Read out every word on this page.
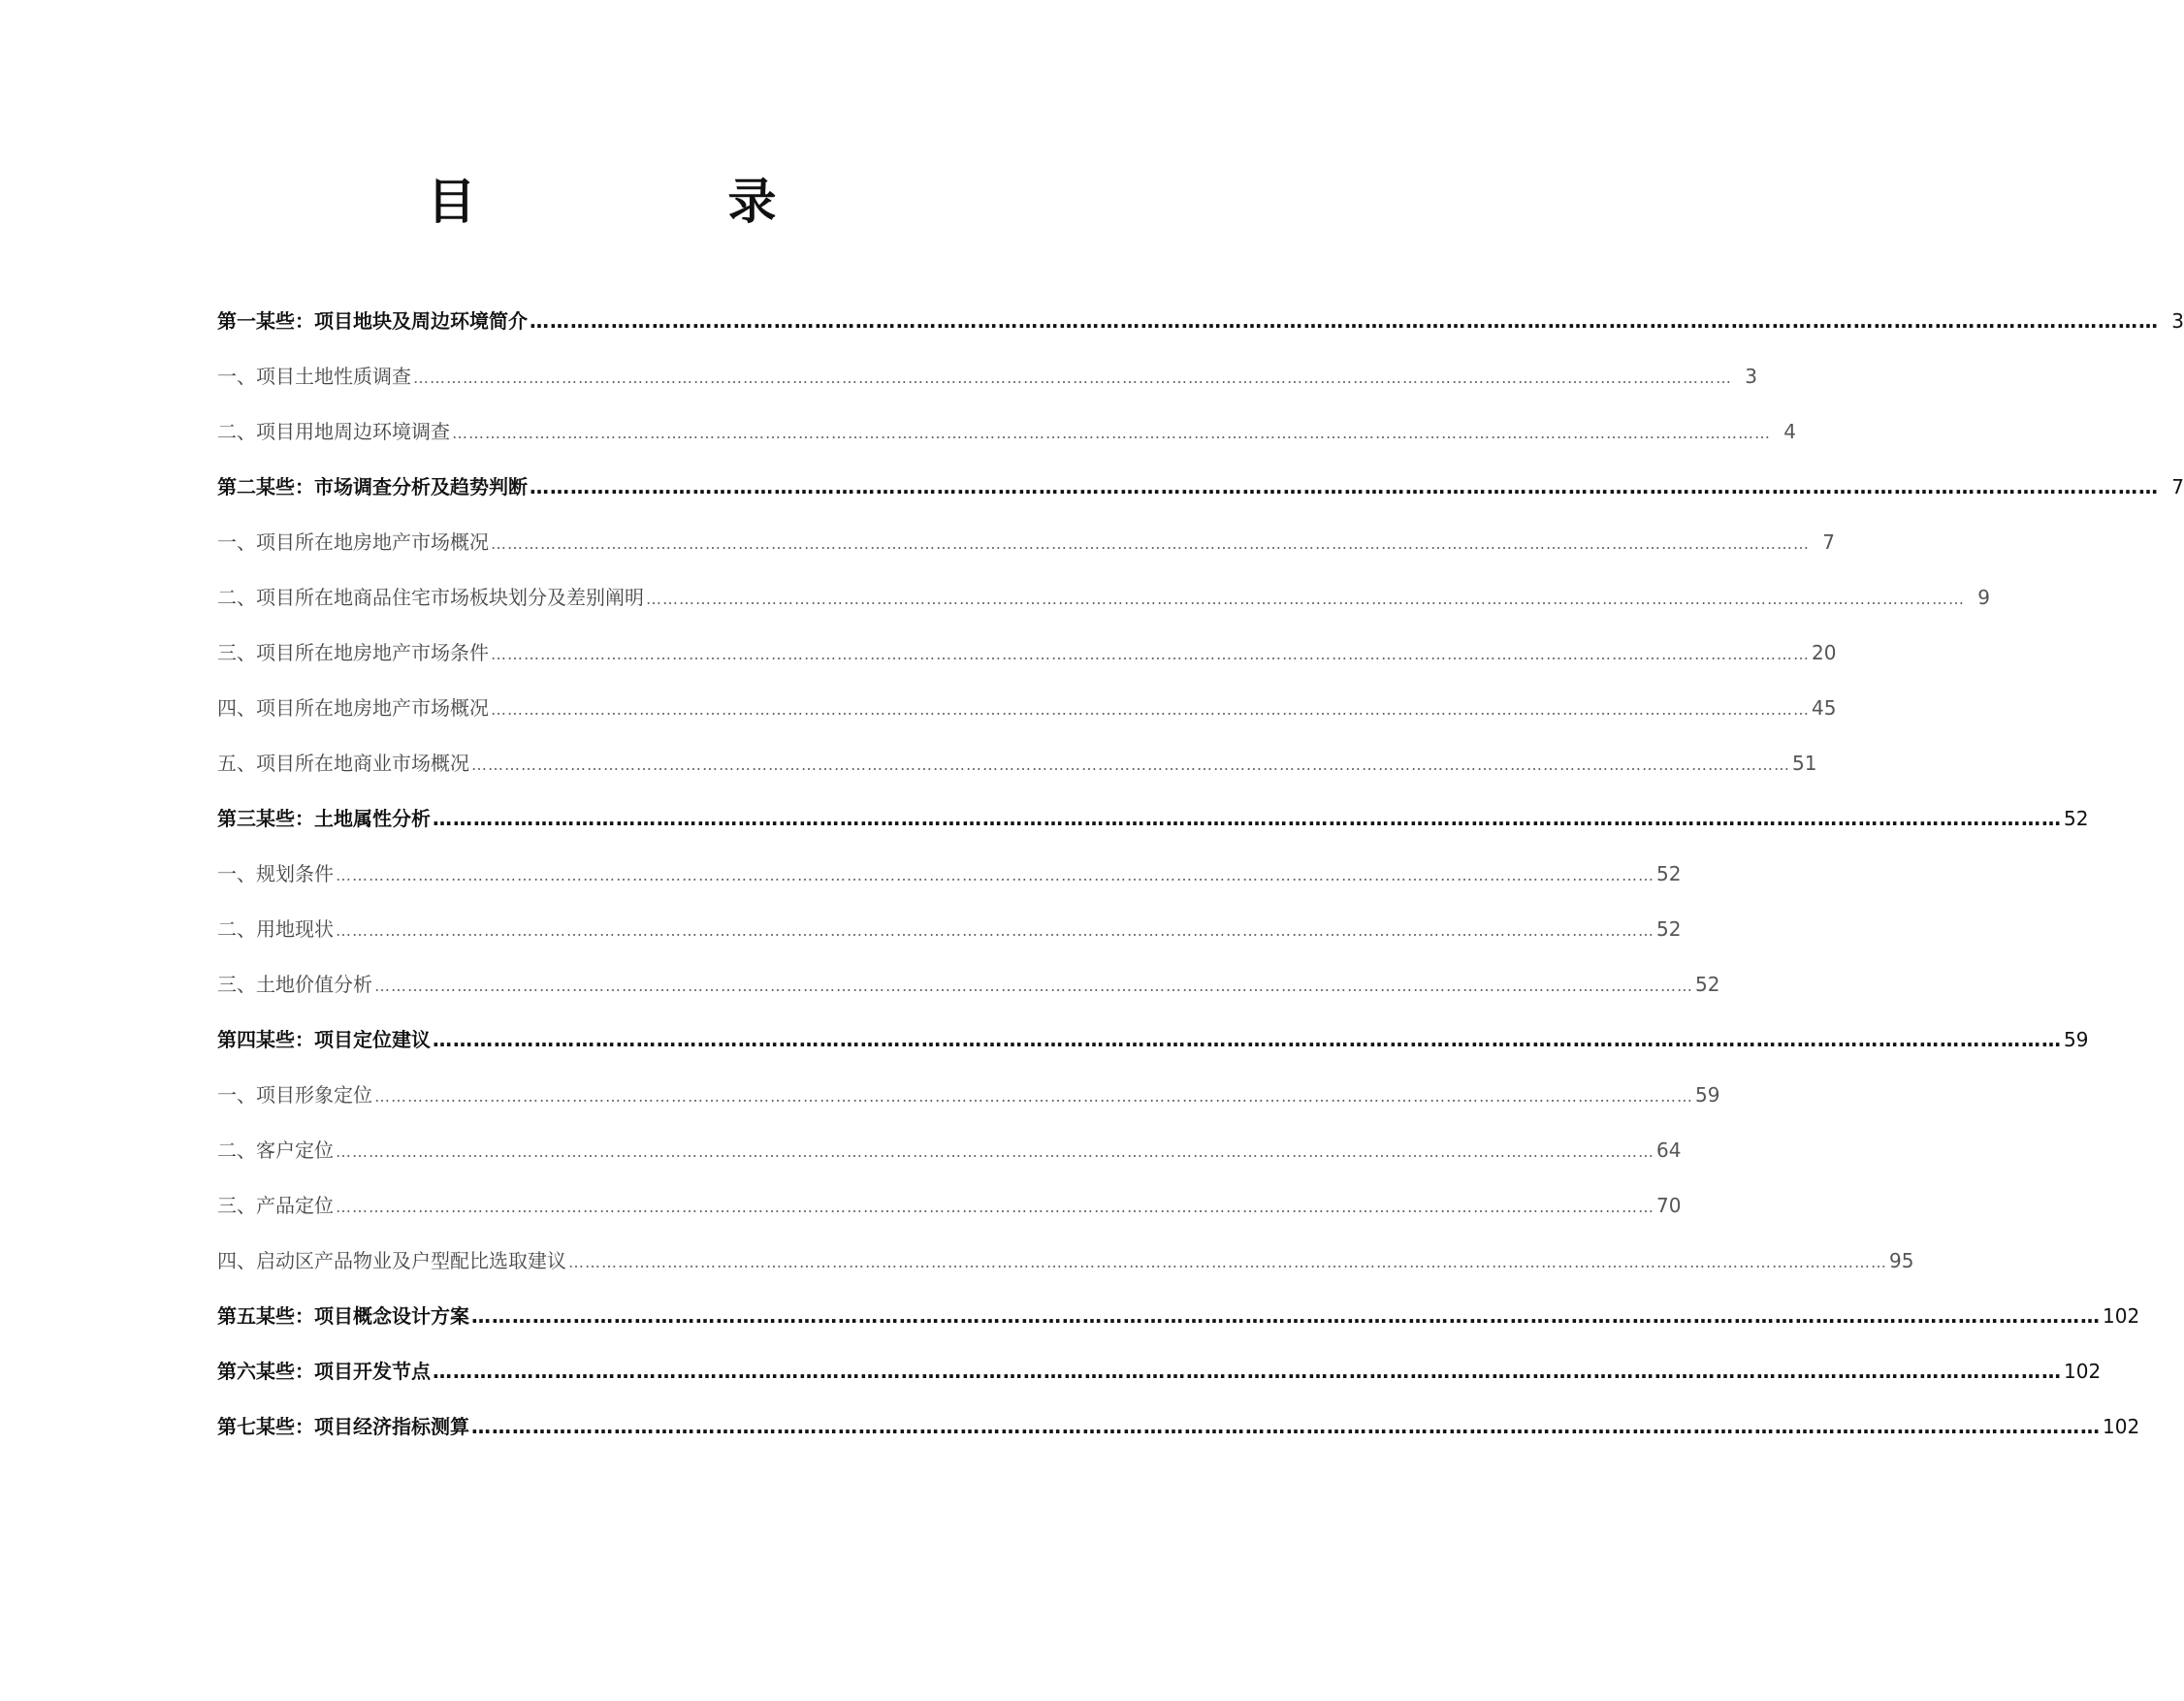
目　录
第一某些：项目地块及周边环境简介 …………………………………………………………………………………………………………………………………………………………………………………………………………………… 3
一、项目土地性质调查 …………………………………………………………………………………………………………………………………………………………………………………………………………………… 3
二、项目用地周边环境调查 …………………………………………………………………………………………………………………………………………………………………………………………………………………… 4
第二某些：市场调查分析及趋势判断 …………………………………………………………………………………………………………………………………………………………………………………………………………………… 7
一、项目所在地房地产市场概况 …………………………………………………………………………………………………………………………………………………………………………………………………………………… 7
二、项目所在地商品住宅市场板块划分及差别阐明 …………………………………………………………………………………………………………………………………………………………………………………………………………………… 9
三、项目所在地房地产市场条件 …………………………………………………………………………………………………………………………………………………………………………………………………………………… 20
四、项目所在地房地产市场概况 …………………………………………………………………………………………………………………………………………………………………………………………………………………… 45
五、项目所在地商业市场概况 …………………………………………………………………………………………………………………………………………………………………………………………………………………… 51
第三某些：土地属性分析 …………………………………………………………………………………………………………………………………………………………………………………………………………………… 52
一、规划条件 …………………………………………………………………………………………………………………………………………………………………………………………………………………… 52
二、用地现状 …………………………………………………………………………………………………………………………………………………………………………………………………………………… 52
三、土地价值分析 …………………………………………………………………………………………………………………………………………………………………………………………………………………… 52
第四某些：项目定位建议 …………………………………………………………………………………………………………………………………………………………………………………………………………………… 59
一、项目形象定位 …………………………………………………………………………………………………………………………………………………………………………………………………………………… 59
二、客户定位 …………………………………………………………………………………………………………………………………………………………………………………………………………………… 64
三、产品定位 …………………………………………………………………………………………………………………………………………………………………………………………………………………… 70
四、启动区产品物业及户型配比选取建议 …………………………………………………………………………………………………………………………………………………………………………………………………………………… 95
第五某些：项目概念设计方案 …………………………………………………………………………………………………………………………………………………………………………………………………………………… 102
第六某些：项目开发节点 …………………………………………………………………………………………………………………………………………………………………………………………………………………… 102
第七某些：项目经济指标测算 …………………………………………………………………………………………………………………………………………………………………………………………………………………… 102
